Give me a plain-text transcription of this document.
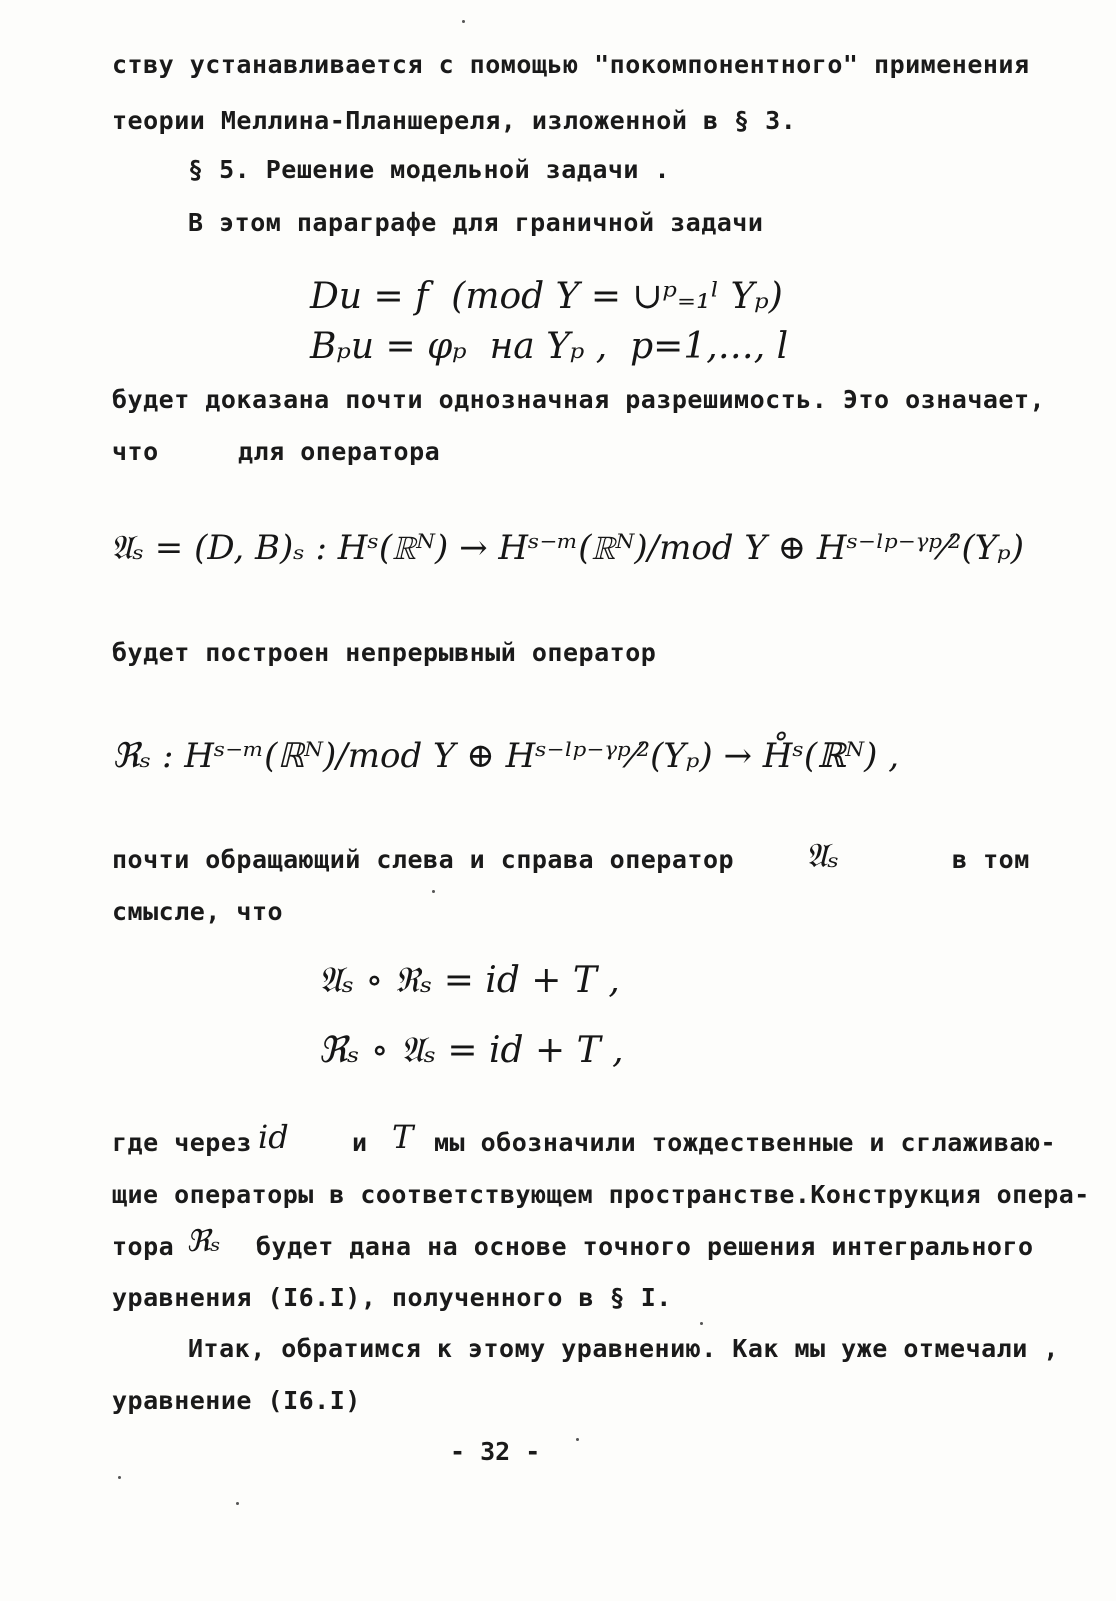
ству устанавливается с помощью "покомпонентного" применения
теории Меллина-Планшереля, изложенной в § 3.
§ 5. Решение модельной задачи .
В этом параграфе для граничной задачи
Du = f  (mod Y = ∪ᵖ₌₁ˡ Yₚ)
Bₚu = φₚ  на Yₚ ,  p=1,…, l
будет доказана почти однозначная разрешимость. Это означает,
что	для оператора
𝔄ₛ = (D, B)ₛ : Hˢ(ℝᴺ) → Hˢ⁻ᵐ(ℝᴺ)/mod Y ⊕ Hˢ⁻ˡᵖ⁻ᵞᵖ⁄²(Yₚ)
будет построен непрерывный оператор
ℜₛ : Hˢ⁻ᵐ(ℝᴺ)/mod Y ⊕ Hˢ⁻ˡᵖ⁻ᵞᵖ⁄²(Yₚ) → H̊ˢ(ℝᴺ) ,
почти обращающий слева и справа оператор 𝔄ₛ	в том
смысле, что
𝔄ₛ ∘ ℜₛ = id + T ,
ℜₛ ∘ 𝔄ₛ = id + T ,
где через id	и T мы обозначили тождественные и сглаживаю-
щие операторы в соответствующем пространстве.Конструкция опера-
тора ℜₛ будет дана на основе точного решения интегрального
уравнения (I6.I), полученного в § I.
Итак, обратимся к этому уравнению. Как мы уже отмечали ,
уравнение (I6.I)
- 32 -
